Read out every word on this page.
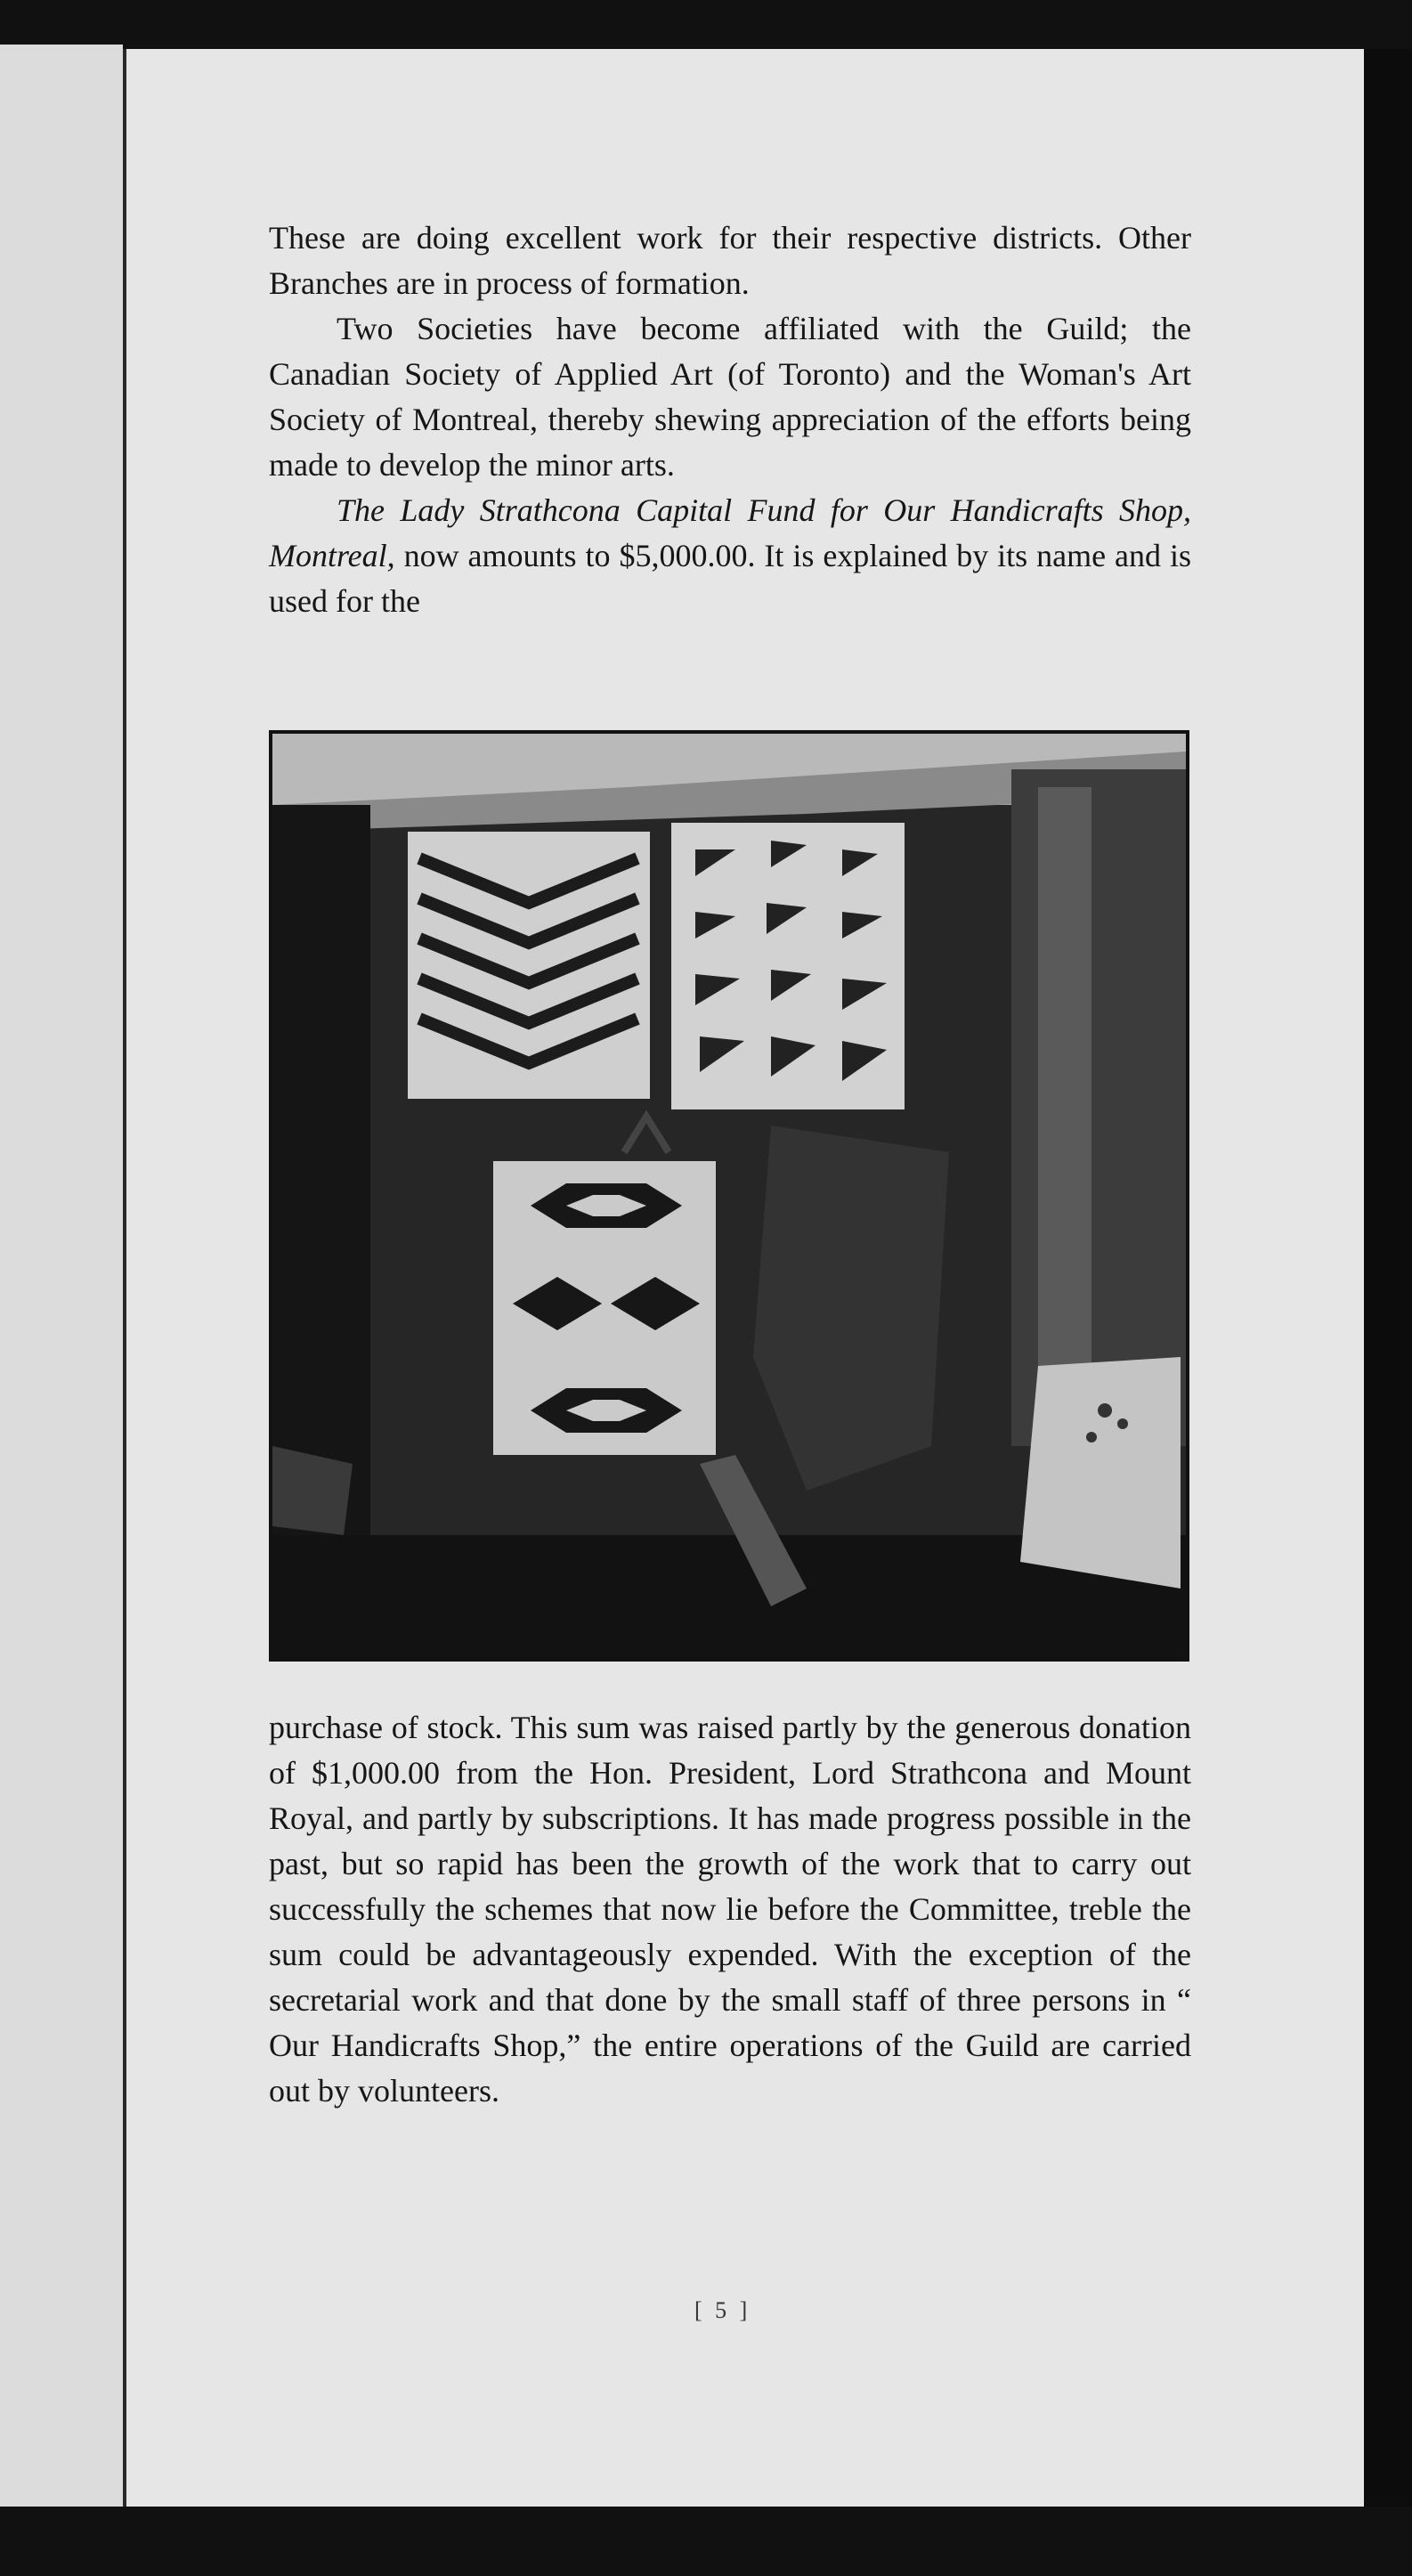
These are doing excellent work for their respective districts. Other Branches are in process of formation.

Two Societies have become affiliated with the Guild; the Canadian Society of Applied Art (of Toronto) and the Woman's Art Society of Montreal, thereby shewing appreciation of the efforts being made to develop the minor arts.

The Lady Strathcona Capital Fund for Our Handicrafts Shop, Montreal, now amounts to $5,000.00. It is explained by its name and is used for the

purchase of stock. This sum was raised partly by the generous donation of $1,000.00 from the Hon. President, Lord Strathcona and Mount Royal, and partly by subscriptions. It has made progress possible in the past, but so rapid has been the growth of the work that to carry out successfully the schemes that now lie before the Committee, treble the sum could be advantageously expended. With the exception of the secretarial work and that done by the small staff of three persons in “ Our Handicrafts Shop,” the entire operations of the Guild are carried out by volunteers.

[ 5 ]
